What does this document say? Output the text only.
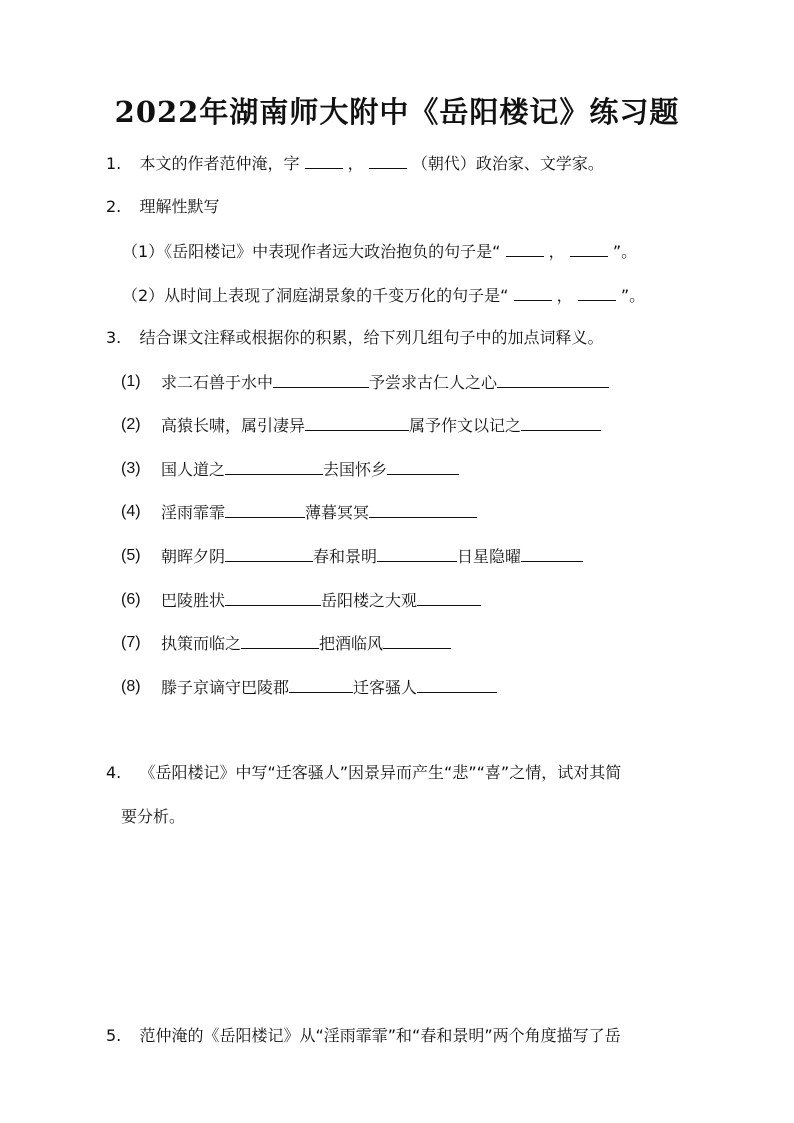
2022年湖南师大附中《岳阳楼记》练习题
1. 本文的作者范仲淹，字	，	（朝代）政治家、文学家。
2. 理解性默写
（1）《岳阳楼记》中表现作者远大政治抱负的句子是“	，	”。
（2）从时间上表现了洞庭湖景象的千变万化的句子是“	，	”。
3. 结合课文注释或根据你的积累，给下列几组句子中的加点词释义。
(1) 求二石兽于水中	予尝求古仁人之心
(2) 高猿长啸，属引凄异	属予作文以记之
(3) 国人道之	去国怀乡
(4) 淫雨霏霏	薄暮冥冥
(5) 朝晖夕阴	春和景明	日星隐曜
(6) 巴陵胜状	岳阳楼之大观
(7) 执策而临之	把酒临风
(8) 滕子京谪守巴陵郡	迁客骚人
4. 《岳阳楼记》中写“迁客骚人”因景异而产生“悲”“喜”之情，试对其简
要分析。
5. 范仲淹的《岳阳楼记》从“淫雨霏霏”和“春和景明”两个角度描写了岳
